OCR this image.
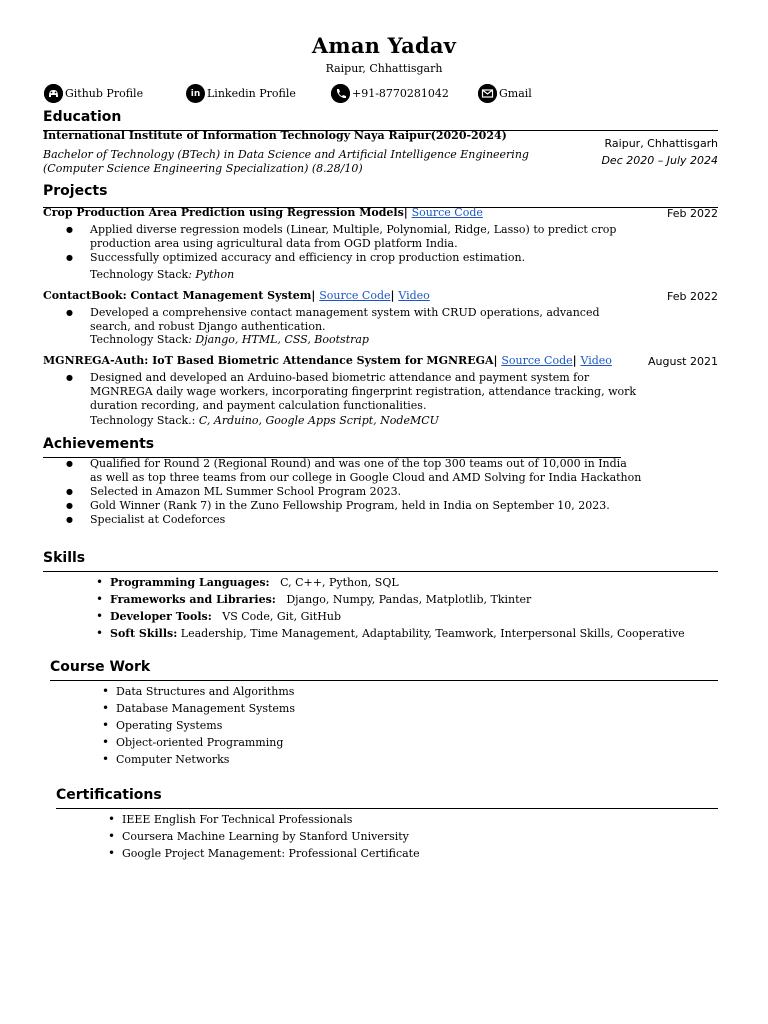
Aman Yadav
Raipur, Chhattisgarh
Github Profile	in Linkedin Profile	+91-8770281042	Gmail
Education
International Institute of Information Technology Naya Raipur(2020-2024)
Bachelor of Technology (BTech) in Data Science and Artificial Intelligence Engineering
(Computer Science Engineering Specialization) (8.28/10)
Raipur, Chhattisgarh
Dec 2020 – July 2024
Projects
Crop Production Area Prediction using Regression Models| Source Code	Feb 2022
● Applied diverse regression models (Linear, Multiple, Polynomial, Ridge, Lasso) to predict crop
production area using agricultural data from OGD platform India.
● Successfully optimized accuracy and efficiency in crop production estimation.
Technology Stack: Python
ContactBook: Contact Management System| Source Code| Video	Feb 2022
● Developed a comprehensive contact management system with CRUD operations, advanced
search, and robust Django authentication.
Technology Stack: Django, HTML, CSS, Bootstrap
MGNREGA-Auth: IoT Based Biometric Attendance System for MGNREGA| Source Code| Video	August 2021
● Designed and developed an Arduino-based biometric attendance and payment system for
MGNREGA daily wage workers, incorporating fingerprint registration, attendance tracking, work
duration recording, and payment calculation functionalities.
Technology Stack.: C, Arduino, Google Apps Script, NodeMCU
Achievements
● Qualified for Round 2 (Regional Round) and was one of the top 300 teams out of 10,000 in India
as well as top three teams from our college in Google Cloud and AMD Solving for India Hackathon
● Selected in Amazon ML Summer School Program 2023.
● Gold Winner (Rank 7) in the Zuno Fellowship Program, held in India on September 10, 2023.
● Specialist at Codeforces
Skills
• Programming Languages:   C, C++, Python, SQL
• Frameworks and Libraries:   Django, Numpy, Pandas, Matplotlib, Tkinter
• Developer Tools:   VS Code, Git, GitHub
• Soft Skills: Leadership, Time Management, Adaptability, Teamwork, Interpersonal Skills, Cooperative
Course Work
• Data Structures and Algorithms
• Database Management Systems
• Operating Systems
• Object-oriented Programming
• Computer Networks
Certifications
• IEEE English For Technical Professionals
• Coursera Machine Learning by Stanford University
• Google Project Management: Professional Certificate
